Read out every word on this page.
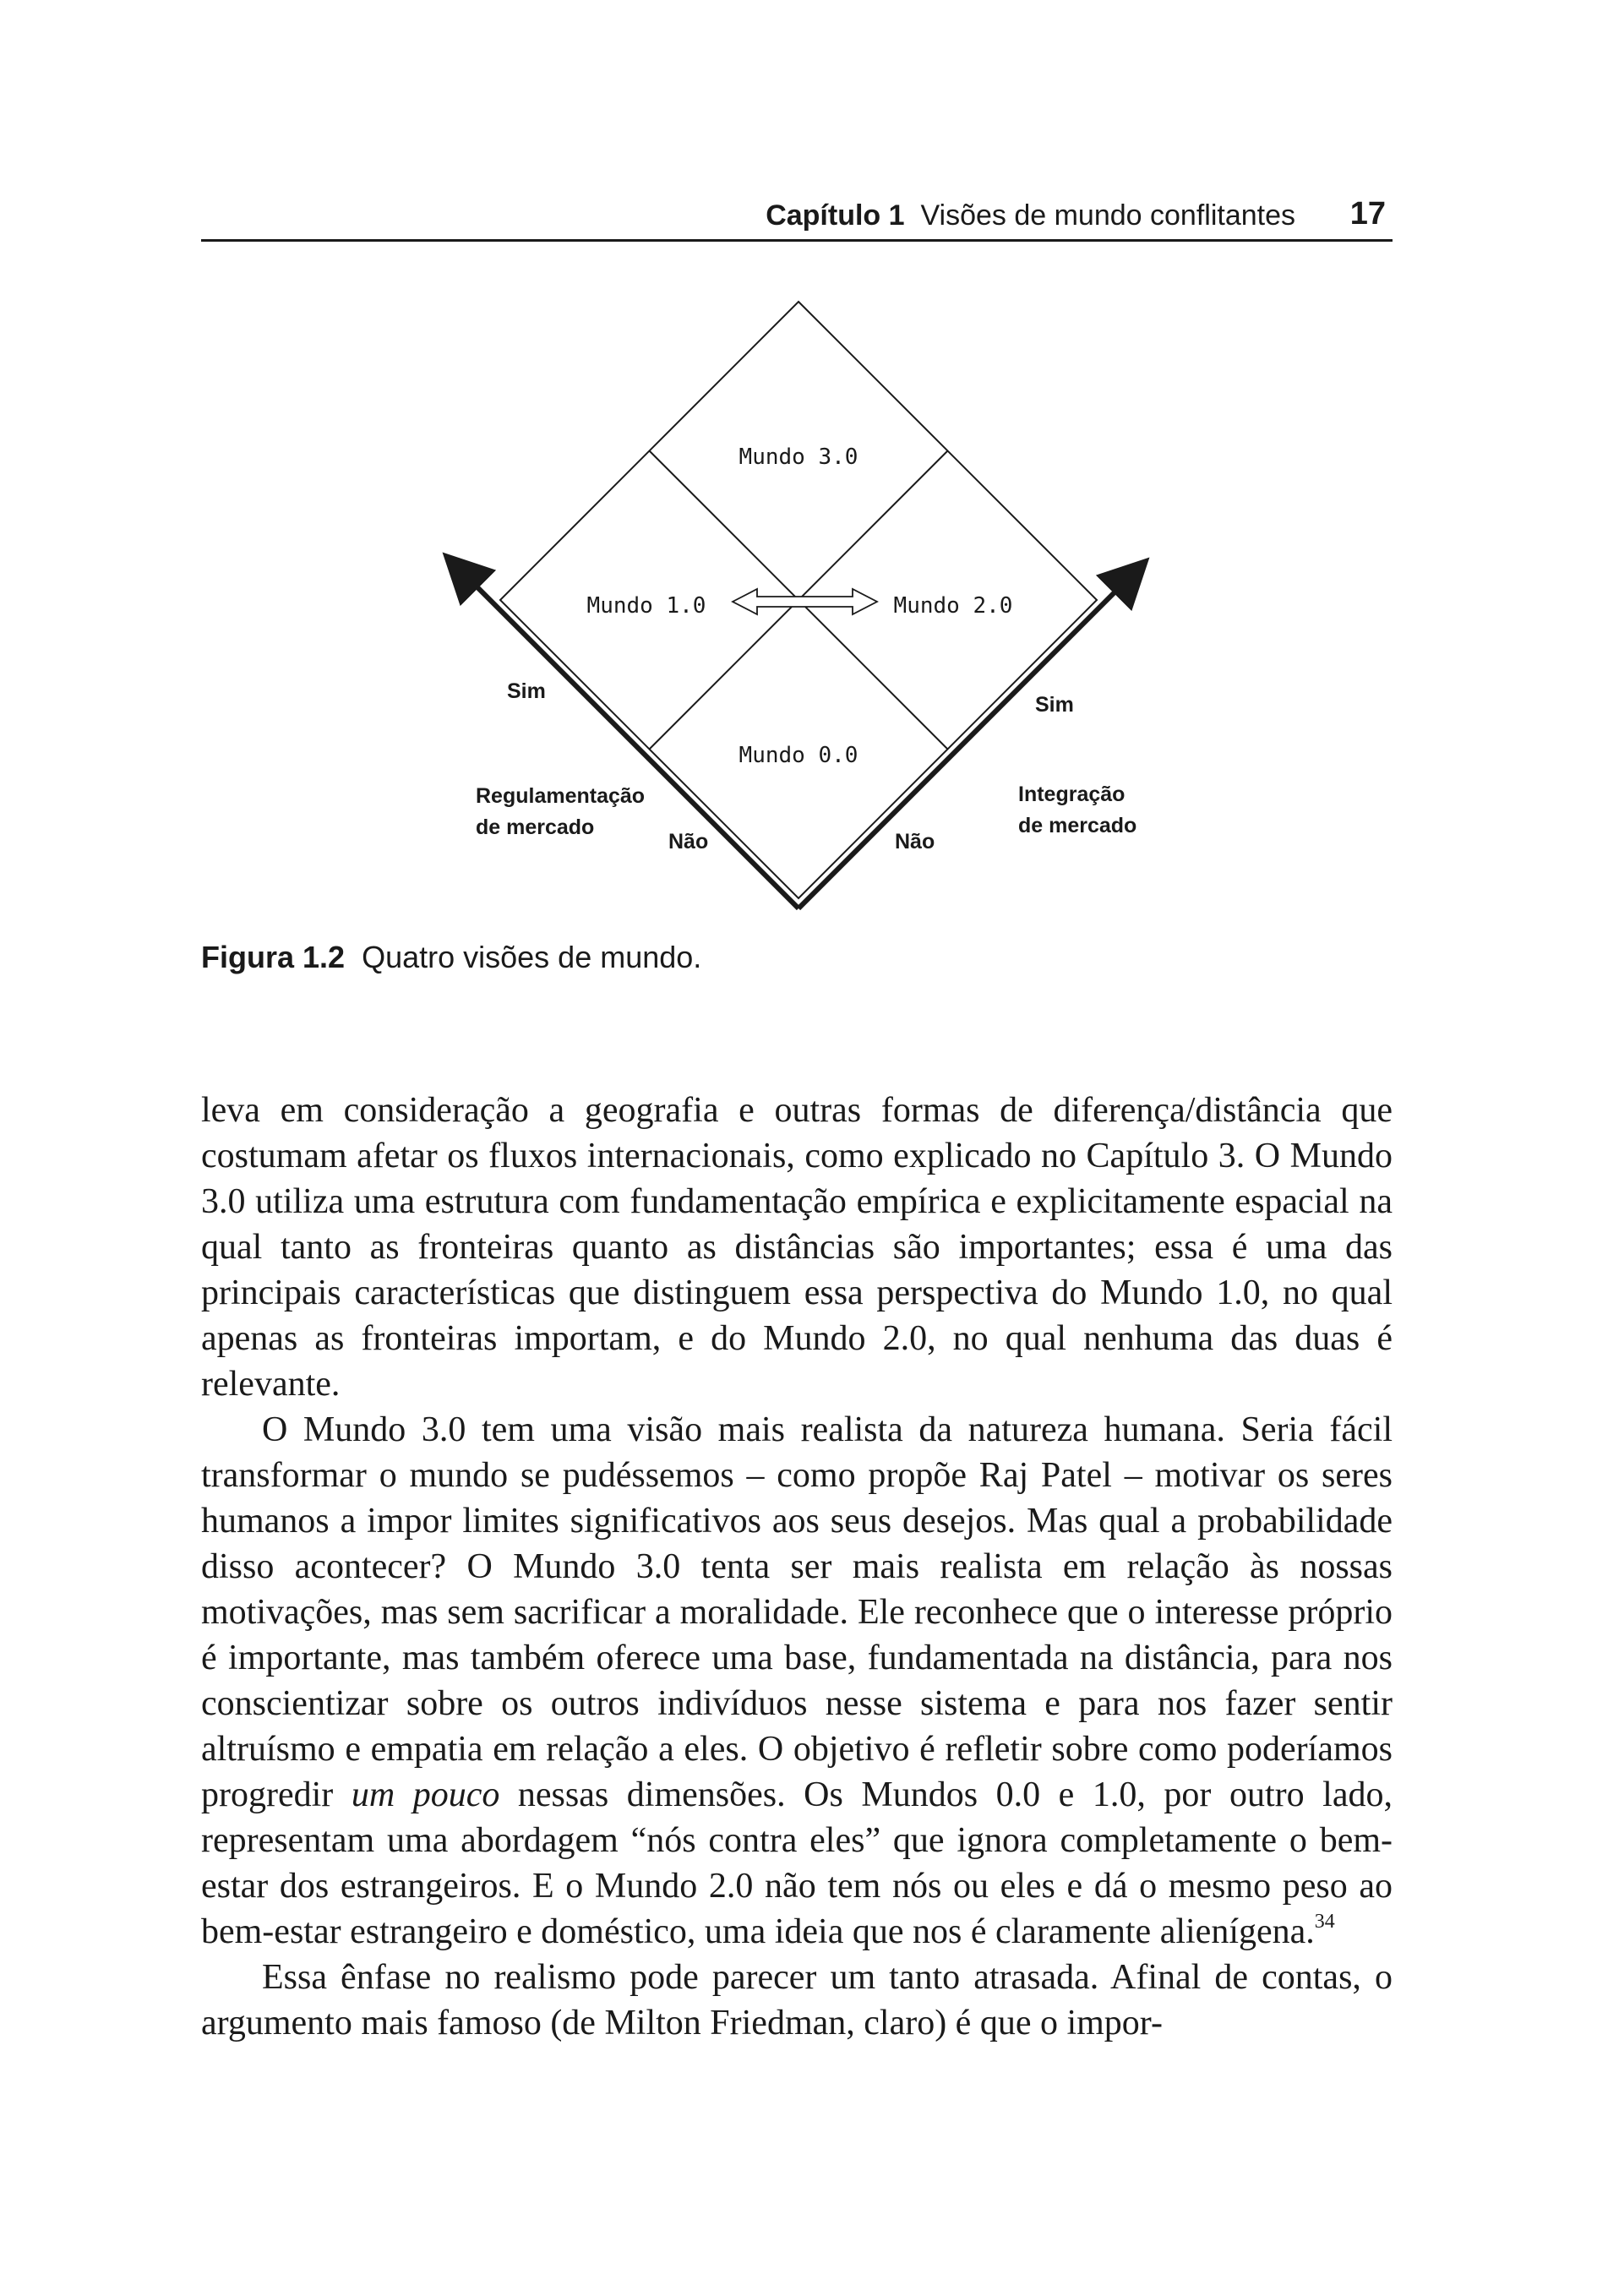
Capítulo 1 Visões de mundo conflitantes 17
Mundo 3.0
Mundo 1.0	Mundo 2.0
Mundo 0.0
Sim
Regulamentação
de mercado
Não
Sim
Integração
de mercado
Não
Figura 1.2 Quatro visões de mundo.

leva em consideração a geografia e outras formas de diferença/distância que costumam afetar os fluxos internacionais, como explicado no Capítulo 3. O Mundo 3.0 utiliza uma estrutura com fundamentação empírica e explicitamente espacial na qual tanto as fronteiras quanto as distâncias são importantes; essa é uma das principais características que distinguem essa perspectiva do Mundo 1.0, no qual apenas as fronteiras importam, e do Mundo 2.0, no qual nenhuma das duas é relevante.

O Mundo 3.0 tem uma visão mais realista da natureza humana. Seria fácil transformar o mundo se pudéssemos – como propõe Raj Patel – motivar os seres humanos a impor limites significativos aos seus desejos. Mas qual a probabilidade disso acontecer? O Mundo 3.0 tenta ser mais realista em relação às nossas motivações, mas sem sacrificar a moralidade. Ele reconhece que o interesse próprio é importante, mas também oferece uma base, fundamentada na distância, para nos conscientizar sobre os outros indivíduos nesse sistema e para nos fazer sentir altruísmo e empatia em relação a eles. O objetivo é refletir sobre como poderíamos progredir um pouco nessas dimensões. Os Mundos 0.0 e 1.0, por outro lado, representam uma abordagem “nós contra eles” que ignora completamente o bem-estar dos estrangeiros. E o Mundo 2.0 não tem nós ou eles e dá o mesmo peso ao bem-estar estrangeiro e doméstico, uma ideia que nos é claramente alienígena.$^{34}$

Essa ênfase no realismo pode parecer um tanto atrasada. Afinal de contas, o argumento mais famoso (de Milton Friedman, claro) é que o impor-
